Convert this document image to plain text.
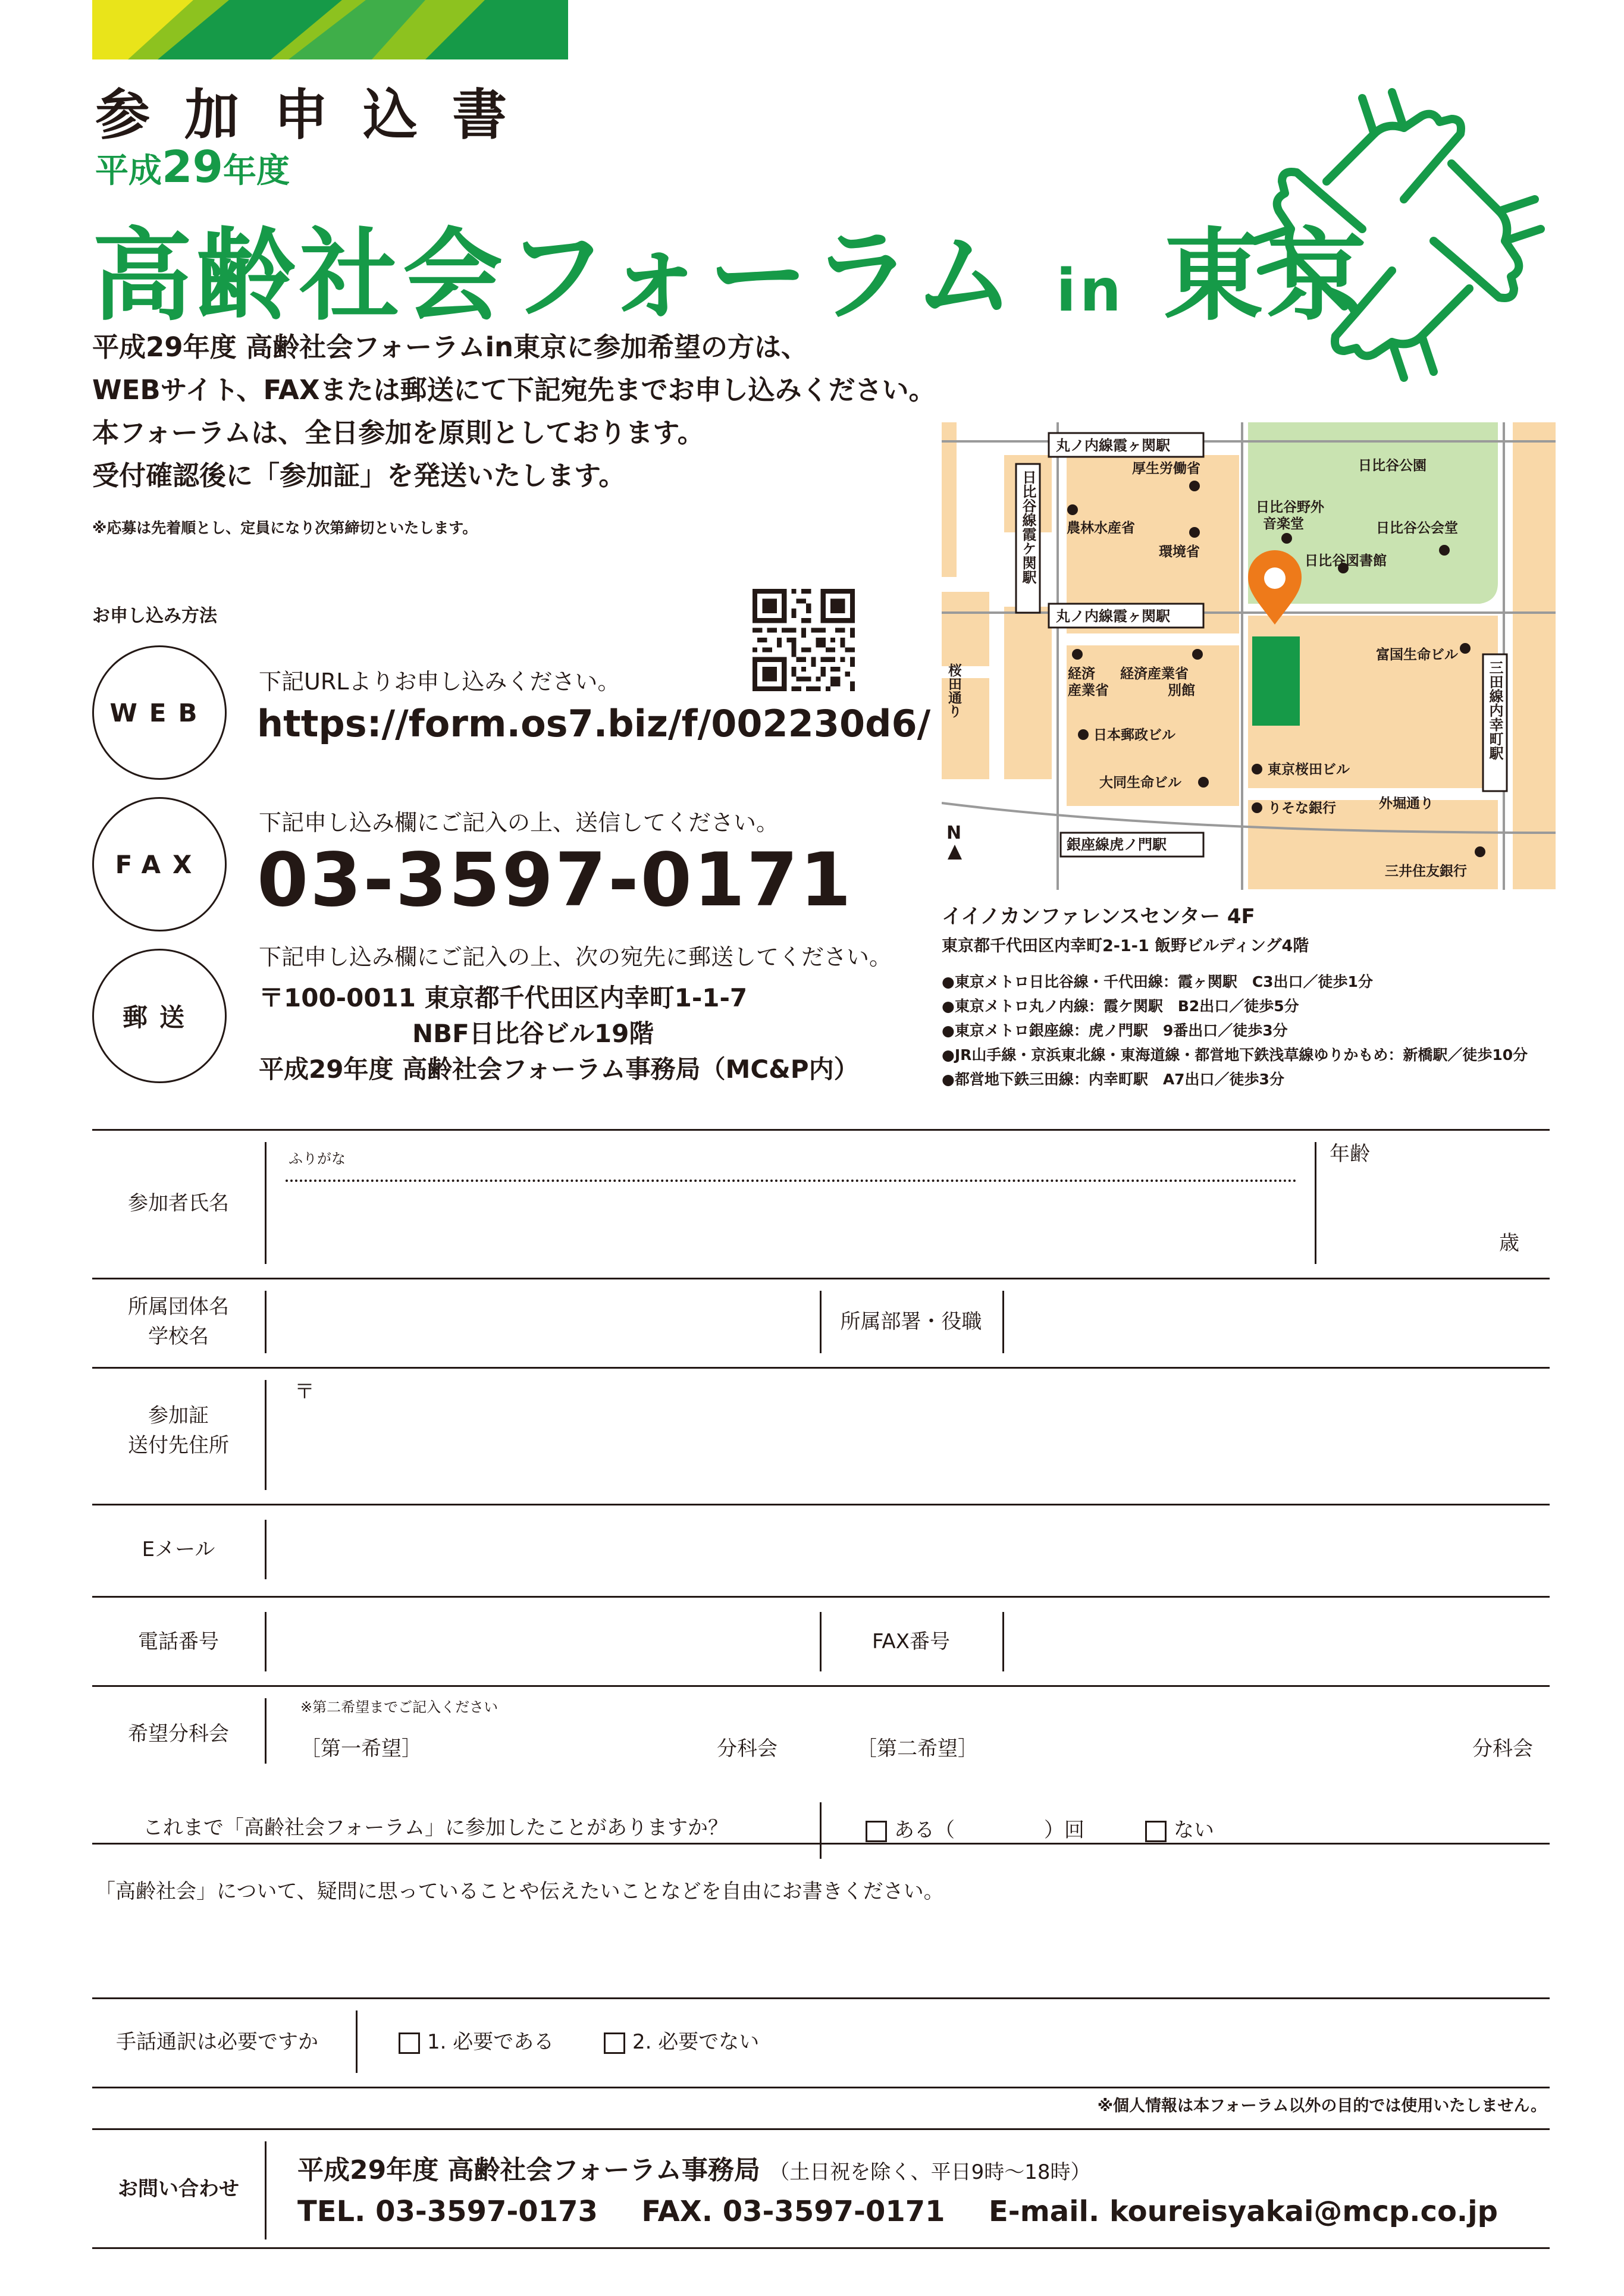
参加申込書
平成29年度
高齢社会フォーラム in 東京
平成29年度 高齢社会フォーラムin東京に参加希望の方は、
WEBサイト、FAXまたは郵送にて下記宛先までお申し込みください。
本フォーラムは、全日参加を原則としております。
受付確認後に「参加証」を発送いたします。
※応募は先着順とし、定員になり次第締切といたします。
お申し込み方法
WEB
下記URLよりお申し込みください。
https://form.os7.biz/f/002230d6/
FAX
下記申し込み欄にご記入の上、送信してください。
03-3597-0171
郵送
下記申し込み欄にご記入の上、次の宛先に郵送してください。
〒100-0011 東京都千代田区内幸町1-1-7
NBF日比谷ビル19階
平成29年度 高齢社会フォーラム事務局（MC&P内）
丸ノ内線霞ヶ関駅
丸ノ内線霞ヶ関駅
銀座線虎ノ門駅
日比谷線霞ケ関駅
三田線内幸町駅
厚生労働省
農林水産省
環境省
日比谷公園
日比谷野外
音楽堂	日比谷公会堂
日比谷図書館
富国生命ビル
経済
産業省
経済産業省
別館
日本郵政ビル
大同生命ビル
東京桜田ビル
りそな銀行	外堀通り
三井住友銀行
桜田通り
N
イイノカンファレンスセンター 4F
東京都千代田区内幸町2-1-1 飯野ビルディング4階
●東京メトロ日比谷線・千代田線：霞ヶ関駅　C3出口／徒歩1分
●東京メトロ丸ノ内線：霞ケ関駅　B2出口／徒歩5分
●東京メトロ銀座線：虎ノ門駅　9番出口／徒歩3分
●JR山手線・京浜東北線・東海道線・都営地下鉄浅草線ゆりかもめ：新橋駅／徒歩10分
●都営地下鉄三田線：内幸町駅　A7出口／徒歩3分
参加者氏名
ふりがな	年齢
歳
所属団体名
学校名
所属部署・役職
参加証
送付先住所
〒
Eメール
電話番号	FAX番号
希望分科会
※第二希望までご記入ください
［第一希望］	分科会	［第二希望］	分科会
これまで「高齢社会フォーラム」に参加したことがありますか？	ある（	）回	ない
「高齢社会」について、疑問に思っていることや伝えたいことなどを自由にお書きください。
手話通訳は必要ですか	1. 必要である	2. 必要でない
※個人情報は本フォーラム以外の目的では使用いたしません。
お問い合わせ
平成29年度 高齢社会フォーラム事務局 （土日祝を除く、平日9時〜18時）
TEL. 03-3597-0173 FAX. 03-3597-0171 E-mail. koureisyakai@mcp.co.jp
